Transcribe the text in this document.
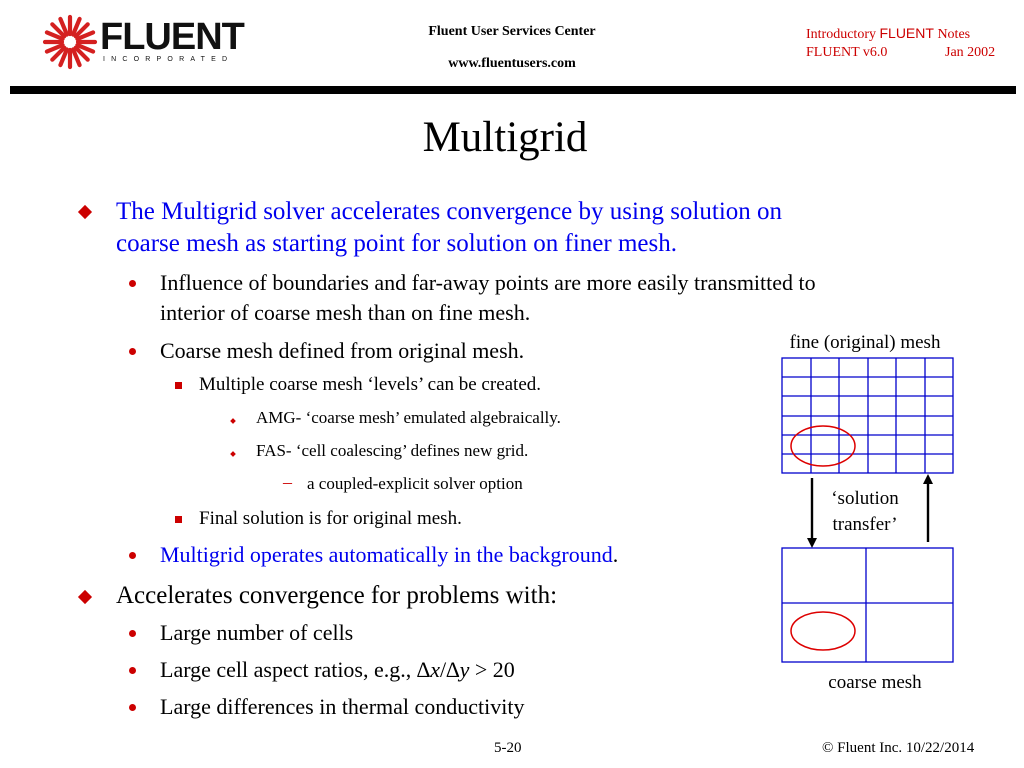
FLUENT
INCORPORATED
Fluent User Services Center
www.fluentusers.com
Introductory FLUENT Notes
FLUENT v6.0	Jan 2002
Multigrid
The Multigrid solver accelerates convergence by using solution on
coarse mesh as starting point for solution on finer mesh.
Influence of boundaries and far-away points are more easily transmitted to
interior of coarse mesh than on fine mesh.
Coarse mesh defined from original mesh.
Multiple coarse mesh ‘levels’ can be created.
AMG- ‘coarse mesh’ emulated algebraically.
FAS- ‘cell coalescing’ defines new grid.
– a coupled-explicit solver option
Final solution is for original mesh.
Multigrid operates automatically in the background.
Accelerates convergence for problems with:
Large number of cells
Large cell aspect ratios, e.g., ∆x/∆y > 20
Large differences in thermal conductivity
fine (original) mesh
‘solution
transfer’
coarse mesh
5-20	© Fluent Inc. 10/22/2014
